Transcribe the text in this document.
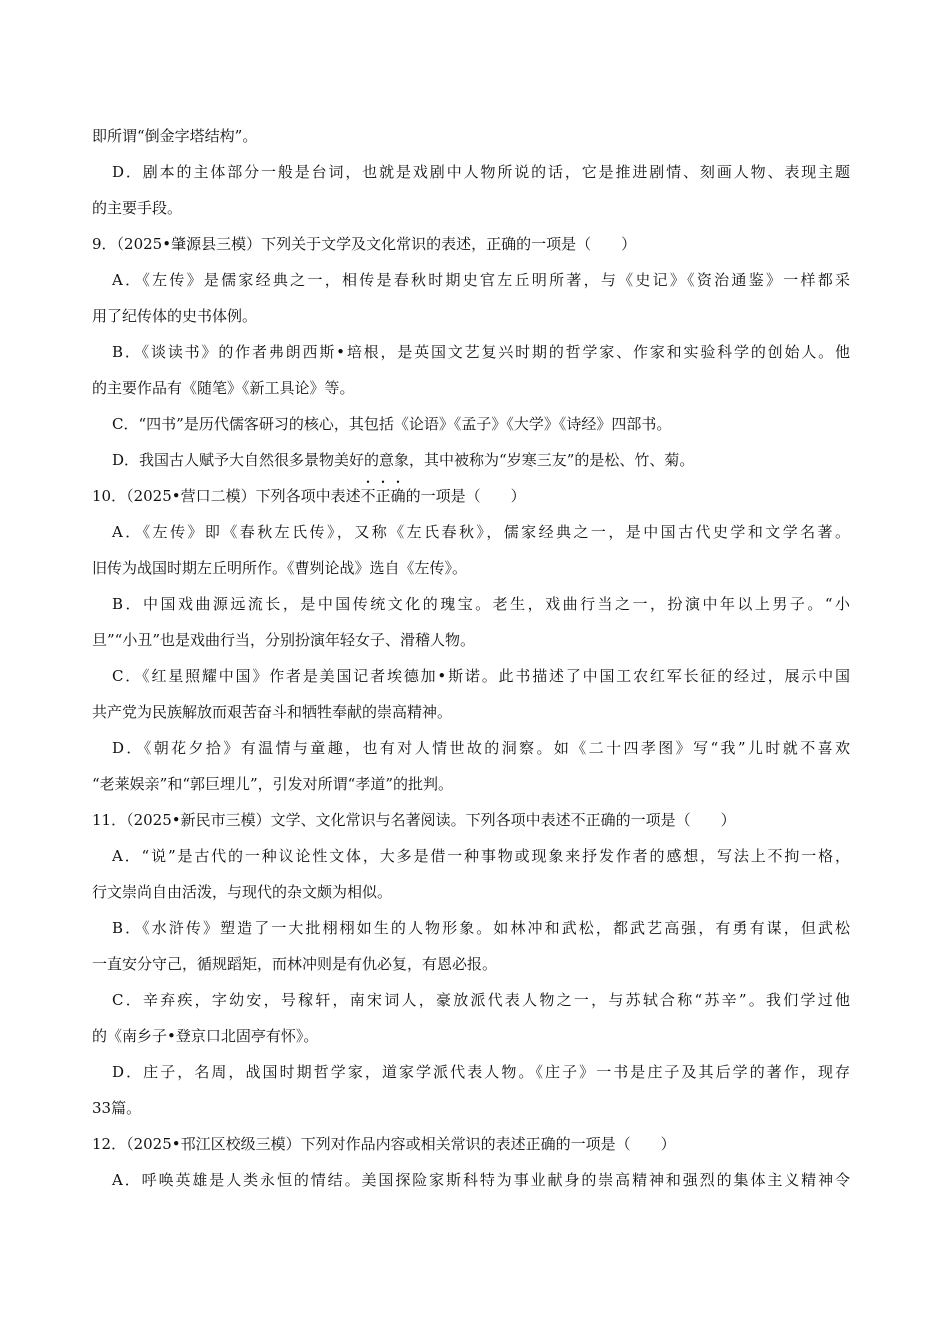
即所谓“倒金字塔结构”。
D．剧本的主体部分一般是台词，也就是戏剧中人物所说的话，它是推进剧情、刻画人物、表现主题
的主要手段。
9．（2025•肇源县三模）下列关于文学及文化常识的表述，正确的一项是（　　）
A．《左传》是儒家经典之一，相传是春秋时期史官左丘明所著，与《史记》《资治通鉴》一样都采
用了纪传体的史书体例。
B．《谈读书》的作者弗朗西斯•培根，是英国文艺复兴时期的哲学家、作家和实验科学的创始人。他
的主要作品有《随笔》《新工具论》等。
C．“四书”是历代儒客研习的核心，其包括《论语》《孟子》《大学》《诗经》四部书。
D．我国古人赋予大自然很多景物美好的意象，其中被称为“岁寒三友”的是松、竹、菊。
10．（2025•营口二模）下列各项中表述不正确的一项是（　　）
A．《左传》即《春秋左氏传》，又称《左氏春秋》，儒家经典之一，是中国古代史学和文学名著。
旧传为战国时期左丘明所作。《曹刿论战》选自《左传》。
B．中国戏曲源远流长，是中国传统文化的瑰宝。老生，戏曲行当之一，扮演中年以上男子。“小
旦”“小丑”也是戏曲行当，分别扮演年轻女子、滑稽人物。
C．《红星照耀中国》作者是美国记者埃德加•斯诺。此书描述了中国工农红军长征的经过，展示中国
共产党为民族解放而艰苦奋斗和牺牲奉献的崇高精神。
D．《朝花夕拾》有温情与童趣，也有对人情世故的洞察。如《二十四孝图》写“我”儿时就不喜欢
“老莱娱亲”和“郭巨埋儿”，引发对所谓“孝道”的批判。
11．（2025•新民市三模）文学、文化常识与名著阅读。下列各项中表述不正确的一项是（　　）
A．“说”是古代的一种议论性文体，大多是借一种事物或现象来抒发作者的感想，写法上不拘一格，
行文崇尚自由活泼，与现代的杂文颇为相似。
B．《水浒传》塑造了一大批栩栩如生的人物形象。如林冲和武松，都武艺高强，有勇有谋，但武松
一直安分守己，循规蹈矩，而林冲则是有仇必复，有恩必报。
C．辛弃疾，字幼安，号稼轩，南宋词人，豪放派代表人物之一，与苏轼合称“苏辛”。我们学过他
的《南乡子•登京口北固亭有怀》。
D．庄子，名周，战国时期哲学家，道家学派代表人物。《庄子》一书是庄子及其后学的著作，现存
33篇。
12．（2025•邗江区校级三模）下列对作品内容或相关常识的表述正确的一项是（　　）
A．呼唤英雄是人类永恒的情结。美国探险家斯科特为事业献身的崇高精神和强烈的集体主义精神令
